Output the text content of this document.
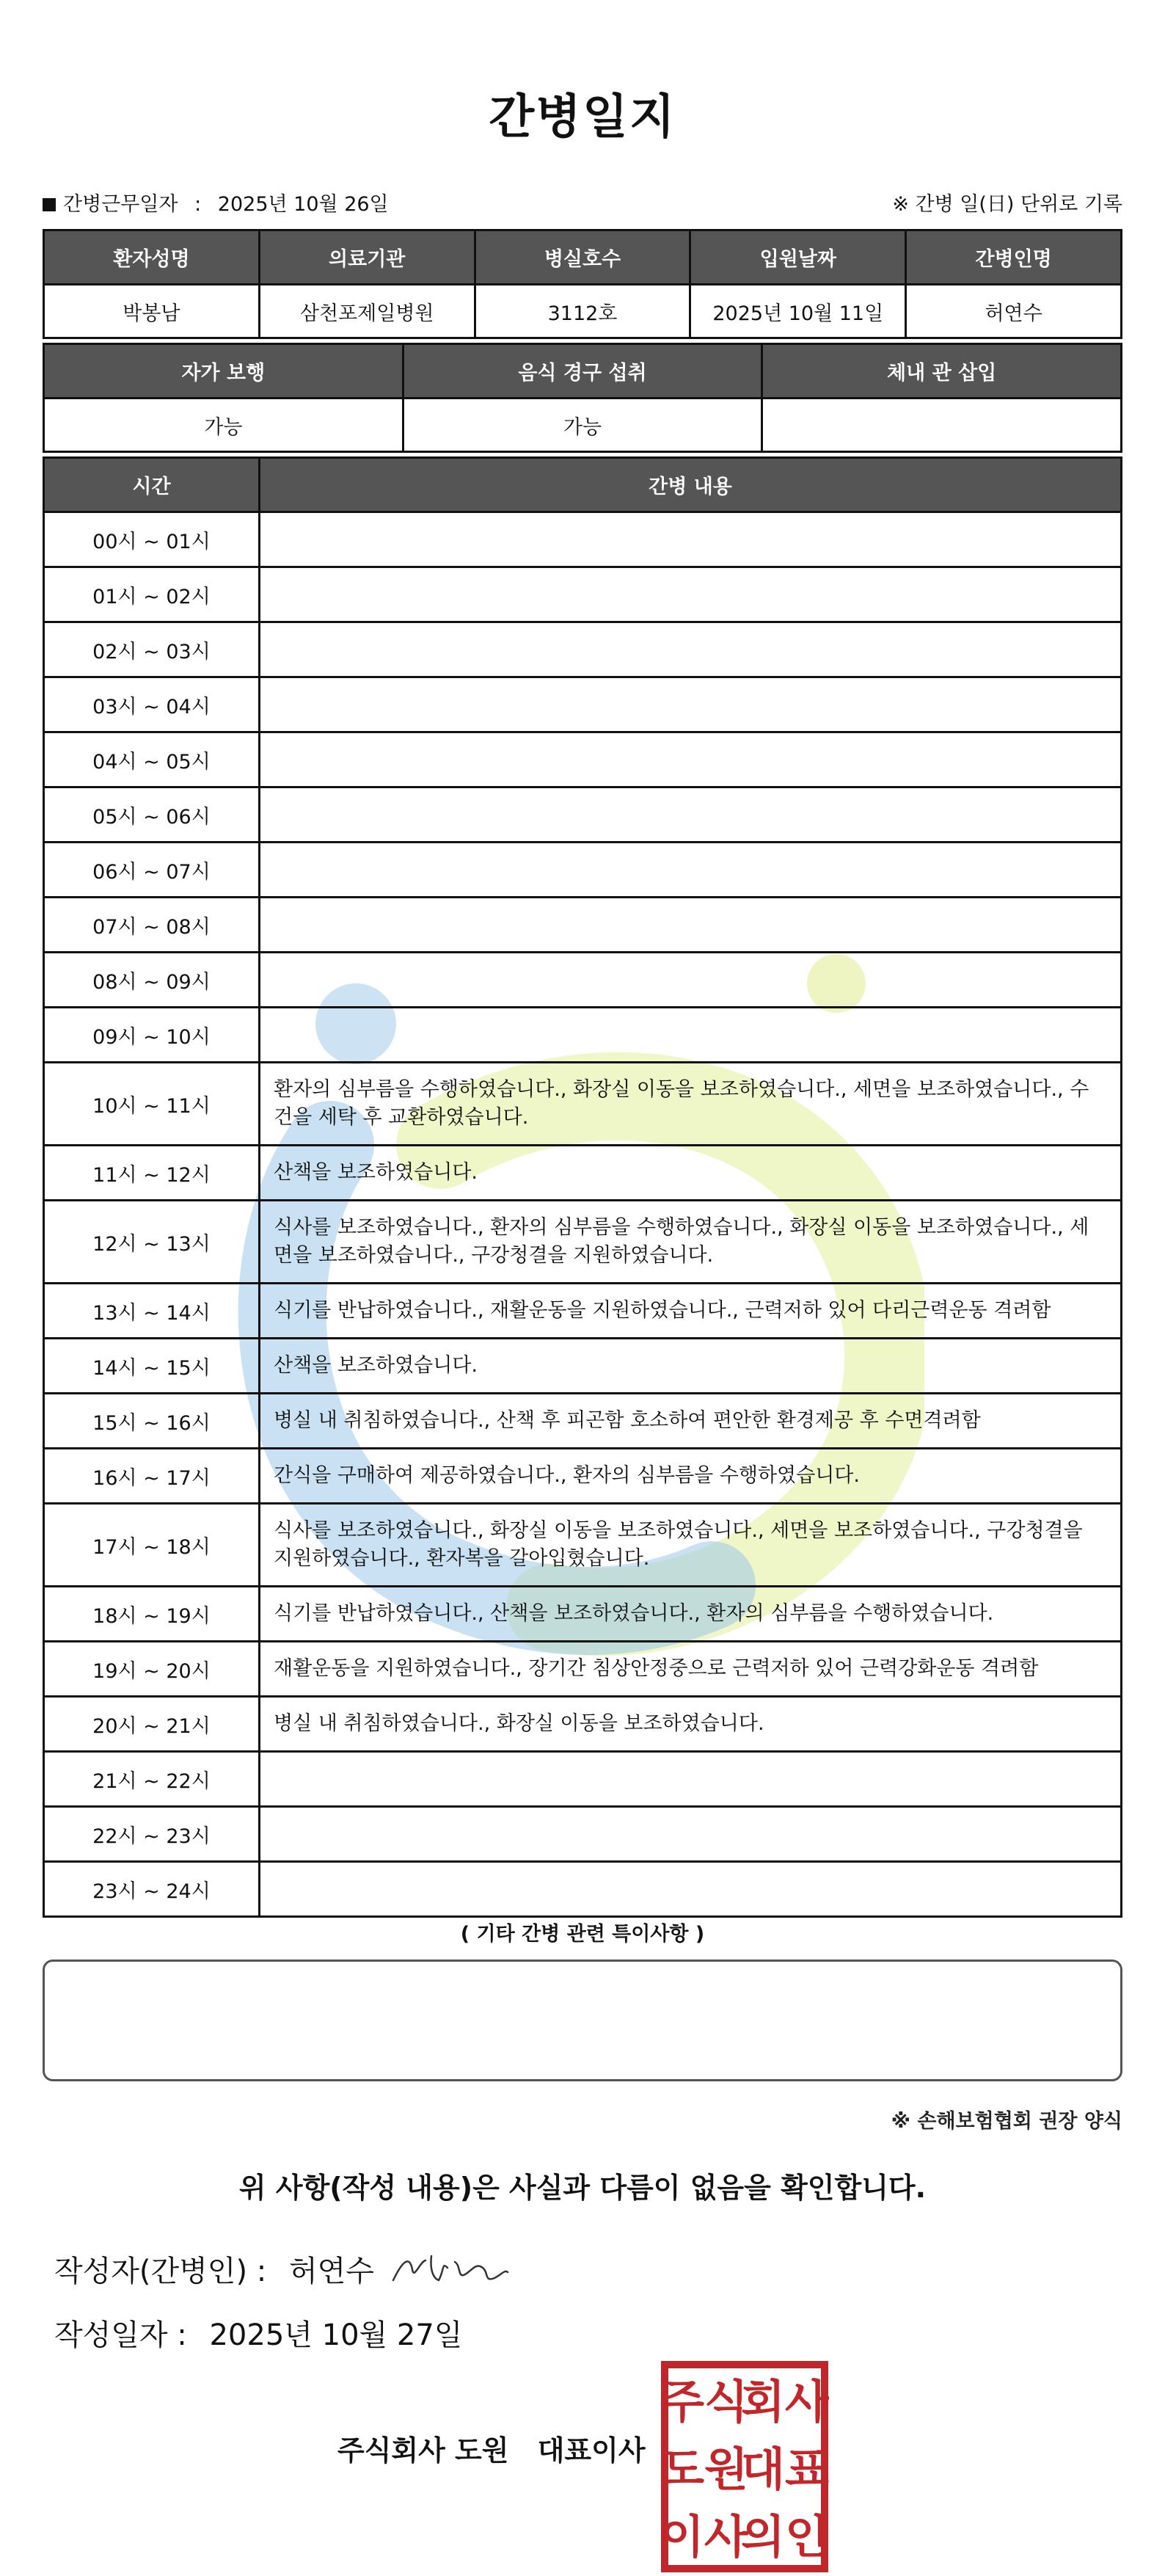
간병일지
간병근무일자 : 2025년 10월 26일	※ 간병 일(日) 단위로 기록
환자성명	의료기관	병실호수	입원날짜	간병인명
박봉남	삼천포제일병원	3112호	2025년 10월 11일	허연수
자가 보행	음식 경구 섭취	체내 관 삽입
가능	가능	
시간	간병 내용
00시 ~ 01시	
01시 ~ 02시	
02시 ~ 03시	
03시 ~ 04시	
04시 ~ 05시	
05시 ~ 06시	
06시 ~ 07시	
07시 ~ 08시	
08시 ~ 09시	
09시 ~ 10시	
10시 ~ 11시	환자의 심부름을 수행하였습니다., 화장실 이동을 보조하였습니다., 세면을 보조하였습니다., 수건을 세탁 후 교환하였습니다.
11시 ~ 12시	산책을 보조하였습니다.
12시 ~ 13시	식사를 보조하였습니다., 환자의 심부름을 수행하였습니다., 화장실 이동을 보조하였습니다., 세면을 보조하였습니다., 구강청결을 지원하였습니다.
13시 ~ 14시	식기를 반납하였습니다., 재활운동을 지원하였습니다., 근력저하 있어 다리근력운동 격려함
14시 ~ 15시	산책을 보조하였습니다.
15시 ~ 16시	병실 내 취침하였습니다., 산책 후 피곤함 호소하여 편안한 환경제공 후 수면격려함
16시 ~ 17시	간식을 구매하여 제공하였습니다., 환자의 심부름을 수행하였습니다.
17시 ~ 18시	식사를 보조하였습니다., 화장실 이동을 보조하였습니다., 세면을 보조하였습니다., 구강청결을 지원하였습니다., 환자복을 갈아입혔습니다.
18시 ~ 19시	식기를 반납하였습니다., 산책을 보조하였습니다., 환자의 심부름을 수행하였습니다.
19시 ~ 20시	재활운동을 지원하였습니다., 장기간 침상안정중으로 근력저하 있어 근력강화운동 격려함
20시 ~ 21시	병실 내 취침하였습니다., 화장실 이동을 보조하였습니다.
21시 ~ 22시	
22시 ~ 23시	
23시 ~ 24시	
( 기타 간병 관련 특이사항 )
※ 손해보험협회 권장 양식
위 사항(작성 내용)은 사실과 다름이 없음을 확인합니다.
작성자(간병인) : 허연수
작성일자 : 2025년 10월 27일
주식회사 도원 대표이사
주식
회사
도원
대표
이사
의인
